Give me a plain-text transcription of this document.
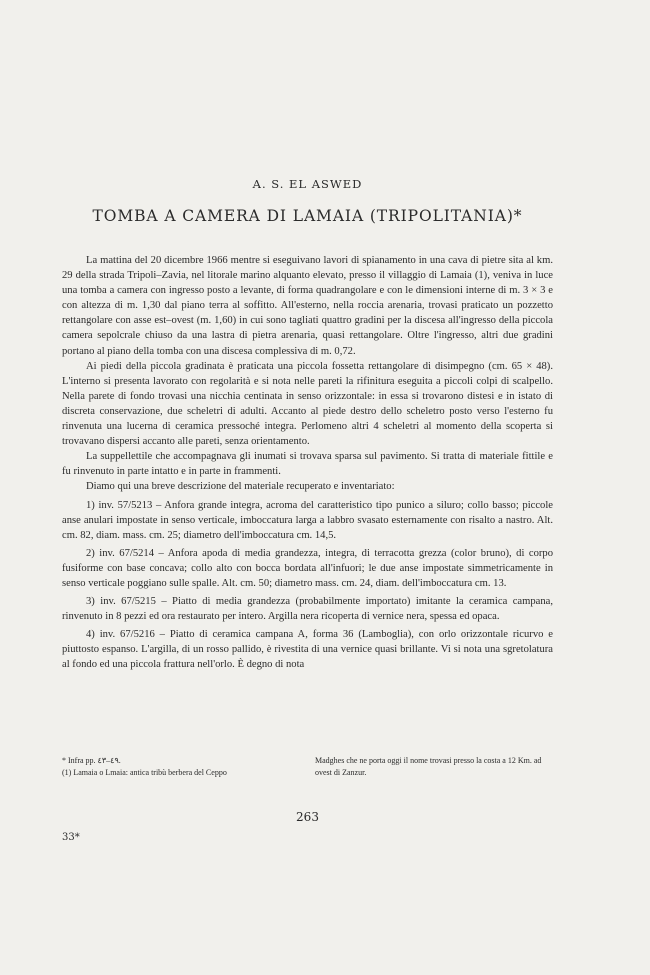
A. S. EL ASWED
TOMBA A CAMERA DI LAMAIA (TRIPOLITANIA)*

La mattina del 20 dicembre 1966 mentre si eseguivano lavori di spianamento in una cava di pietre sita al km. 29 della strada Tripoli–Zavia, nel litorale marino alquanto elevato, presso il villaggio di Lamaia (1), veniva in luce una tomba a camera con ingresso posto a levante, di forma quadrangolare e con le dimensioni interne di m. 3 × 3 e con altezza di m. 1,30 dal piano terra al soffitto. All'esterno, nella roccia arenaria, trovasi praticato un pozzetto rettangolare con asse est–ovest (m. 1,60) in cui sono tagliati quattro gradini per la discesa all'ingresso della piccola camera sepolcrale chiuso da una lastra di pietra arenaria, quasi rettangolare. Oltre l'ingresso, altri due gradini portano al piano della tomba con una discesa complessiva di m. 0,72.

Ai piedi della piccola gradinata è praticata una piccola fossetta rettangolare di disimpegno (cm. 65 × 48). L'interno si presenta lavorato con regolarità e si nota nelle pareti la rifinitura eseguita a piccoli colpi di scalpello. Nella parete di fondo trovasi una nicchia centinata in senso orizzontale: in essa si trovarono distesi e in istato di discreta conservazione, due scheletri di adulti. Accanto al piede destro dello scheletro posto verso l'esterno fu rinvenuta una lucerna di ceramica pressoché integra. Perlomeno altri 4 scheletri al momento della scoperta si trovavano dispersi accanto alle pareti, senza orientamento.

La suppellettile che accompagnava gli inumati si trovava sparsa sul pavimento. Si tratta di materiale fittile e fu rinvenuto in parte intatto e in parte in frammenti.

Diamo qui una breve descrizione del materiale recuperato e inventariato:

1) inv. 57/5213 – Anfora grande integra, acroma del caratteristico tipo punico a siluro; collo basso; piccole anse anulari impostate in senso verticale, imboccatura larga a labbro svasato esternamente con risalto a nastro. Alt. cm. 82, diam. mass. cm. 25; diametro dell'imboccatura cm. 14,5.

2) inv. 67/5214 – Anfora apoda di media grandezza, integra, di terracotta grezza (color bruno), di corpo fusiforme con base concava; collo alto con bocca bordata all'infuori; le due anse impostate simmetricamente in senso verticale poggiano sulle spalle. Alt. cm. 50; diametro mass. cm. 24, diam. dell'imboccatura cm. 13.

3) inv. 67/5215 – Piatto di media grandezza (probabilmente importato) imitante la ceramica campana, rinvenuto in 8 pezzi ed ora restaurato per intero. Argilla nera ricoperta di vernice nera, spessa ed opaca.

4) inv. 67/5216 – Piatto di ceramica campana A, forma 36 (Lamboglia), con orlo orizzontale ricurvo e piuttosto espanso. L'argilla, di un rosso pallido, è rivestita di una vernice quasi brillante. Vi si nota una sgretolatura al fondo ed una piccola frattura nell'orlo. È degno di nota

* Infra pp. ٤٩–٤٣.
(1) Lamaia o Lmaia: antica tribù berbera del Ceppo
Madghes che ne porta oggi il nome trovasi presso la costa a 12 Km. ad ovest di Zanzur.
263
33*
